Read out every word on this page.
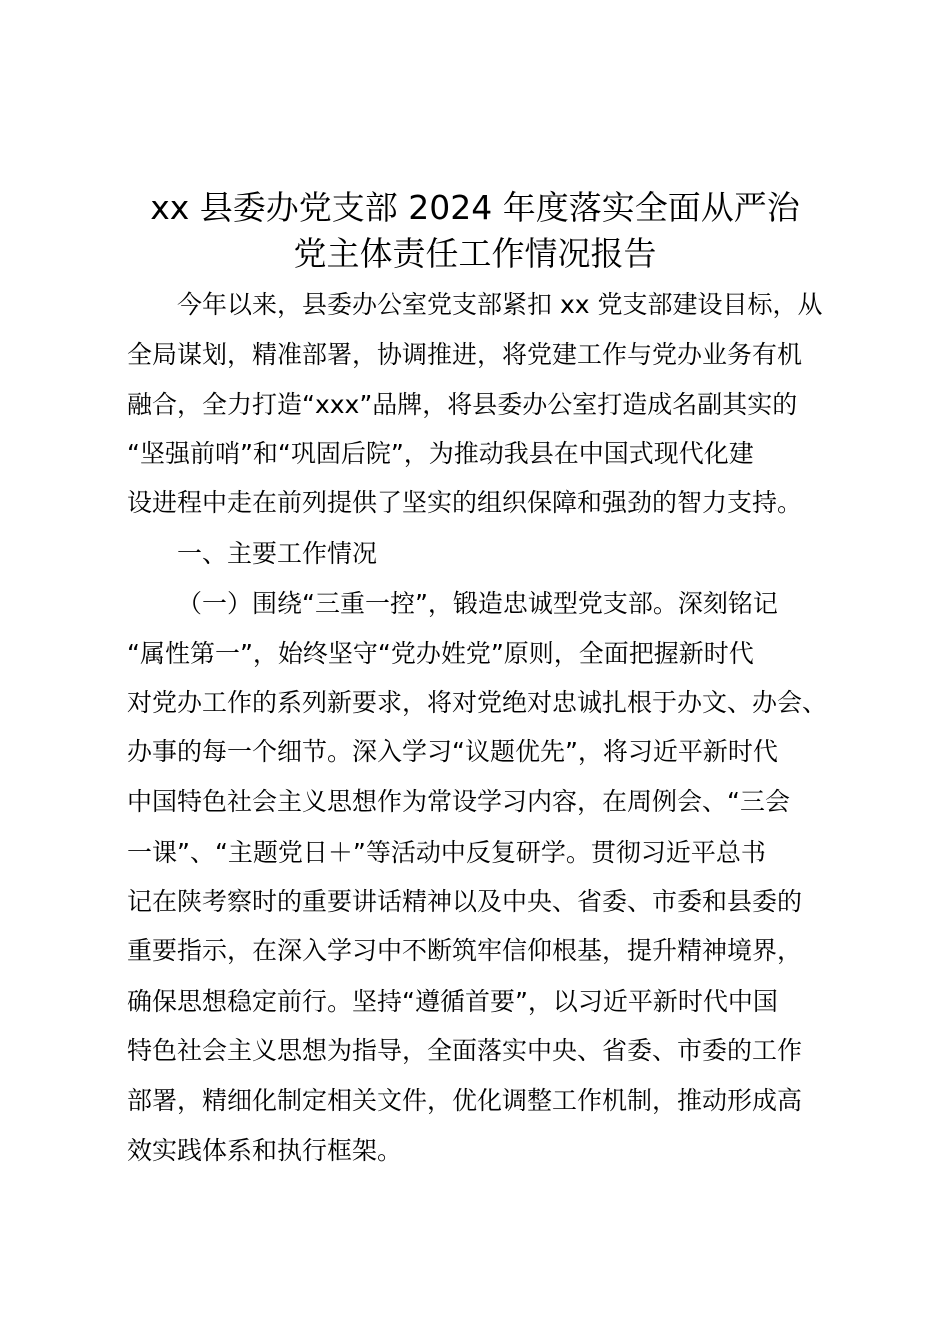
xx 县委办党支部 2024 年度落实全面从严治
党主体责任工作情况报告

今年以来，县委办公室党支部紧扣 xx 党支部建设目标，从

全局谋划，精准部署，协调推进，将党建工作与党办业务有机

融合，全力打造“xxx”品牌，将县委办公室打造成名副其实的

“坚强前哨”和“巩固后院”，为推动我县在中国式现代化建

设进程中走在前列提供了坚实的组织保障和强劲的智力支持。

一、主要工作情况

（一）围绕“三重一控”，锻造忠诚型党支部。深刻铭记

“属性第一”，始终坚守“党办姓党”原则，全面把握新时代

对党办工作的系列新要求，将对党绝对忠诚扎根于办文、办会、

办事的每一个细节。深入学习“议题优先”，将习近平新时代

中国特色社会主义思想作为常设学习内容，在周例会、“三会

一课”、“主题党日＋”等活动中反复研学。贯彻习近平总书

记在陕考察时的重要讲话精神以及中央、省委、市委和县委的

重要指示，在深入学习中不断筑牢信仰根基，提升精神境界，

确保思想稳定前行。坚持“遵循首要”，以习近平新时代中国

特色社会主义思想为指导，全面落实中央、省委、市委的工作

部署，精细化制定相关文件，优化调整工作机制，推动形成高

效实践体系和执行框架。
